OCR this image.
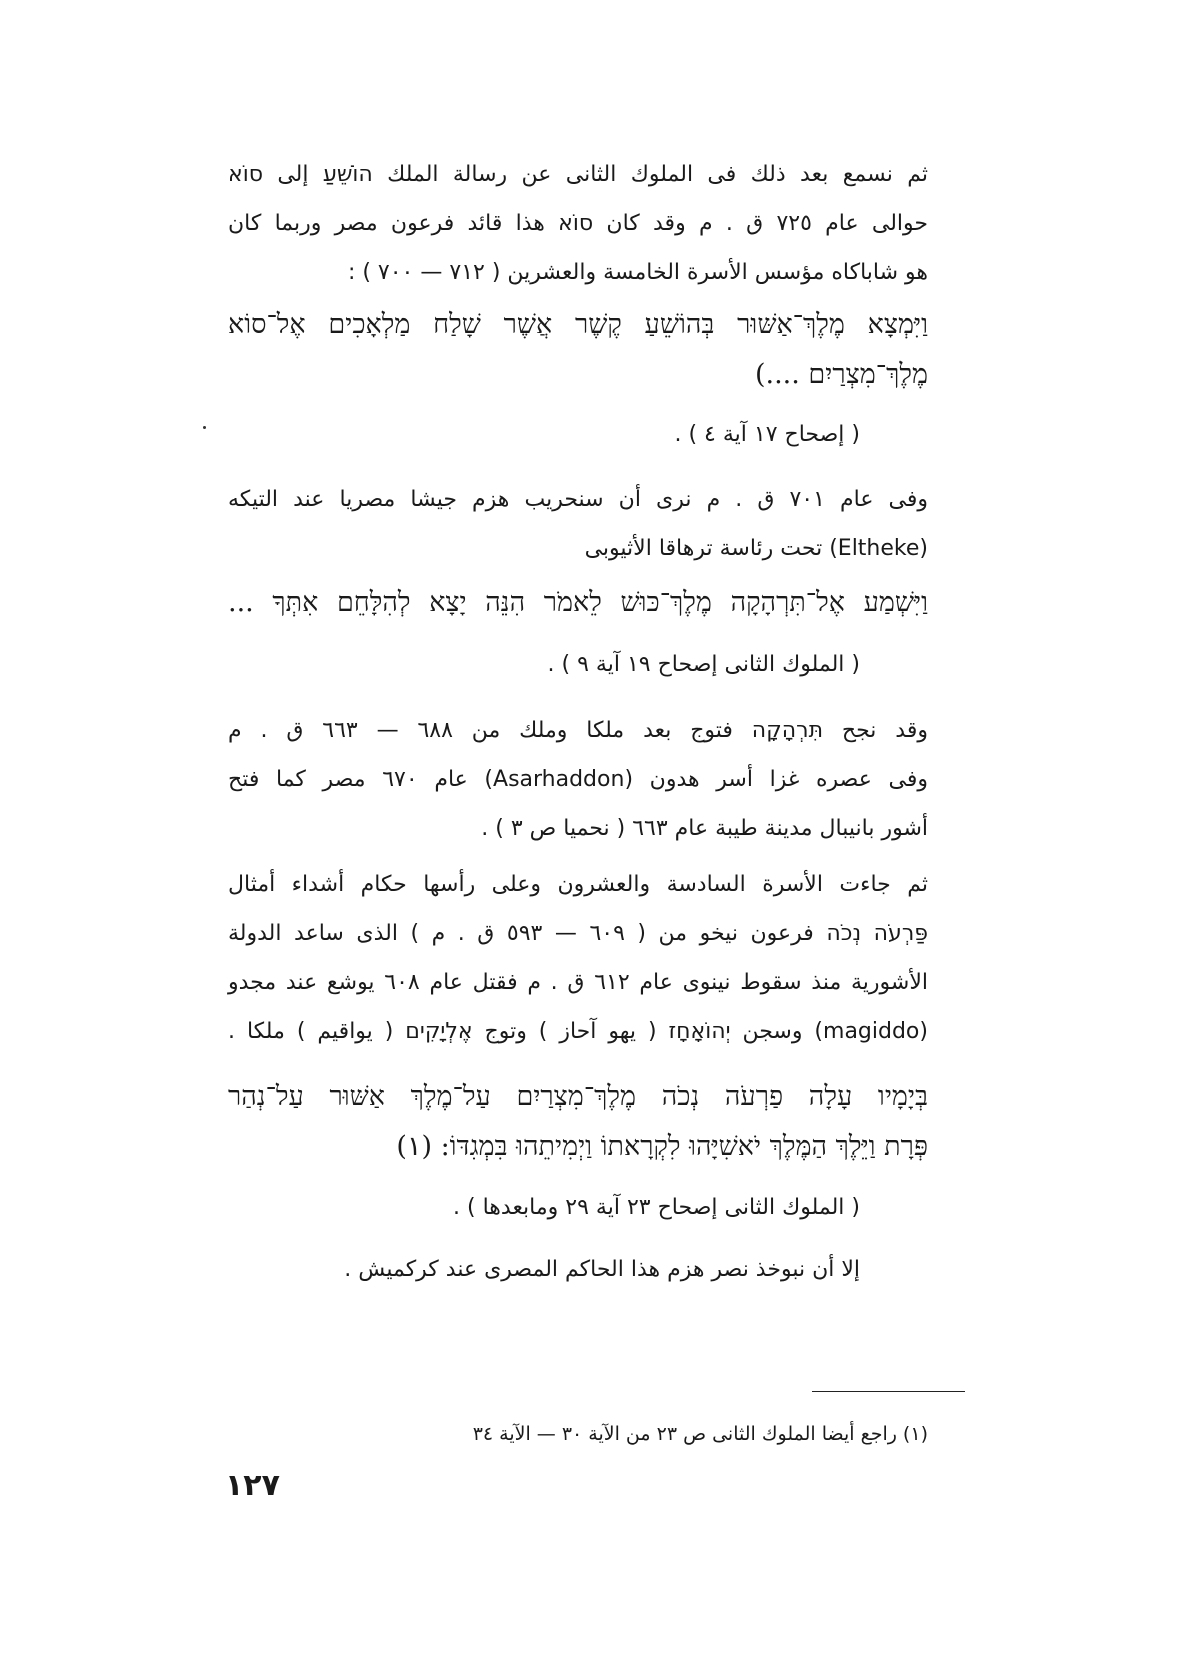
ثم نسمع بعد ذلك فى الملوك الثانى عن رسالة الملك הוֹשֵׁעַ إلى סוֹא
حوالى عام ٧٢٥ ق . م وقد كان סוֹא هذا قائد فرعون مصر وربما كان
هو شاباكاه مؤسس الأسرة الخامسة والعشرين ( ٧١٢ — ٧٠٠ ) :
וַיִּמְצָא מֶלֶךְ־אַשּׁוּר בְּהוֹשֵׁעַ קֶשֶׁר אֲשֶׁר שָׁלַח מַלְאָכִים אֶל־סוֹא
מֶלֶךְ־מִצְרַיִם ....)
( إصحاح ١٧ آية ٤ ) .
وفى عام ٧٠١ ق . م نرى أن سنحريب هزم جيشا مصريا عند التيكه
(Eltheke) تحت رئاسة ترهاقا الأثيوبى
וַיִּשְׁמַע אֶל־תִּרְהָקָה מֶלֶךְ־כּוּשׁ לֵאמֹר הִנֵּה יָצָא לְהִלָּחֵם אִתְּךָ ...
( الملوك الثانى إصحاح ١٩ آية ٩ ) .
وقد نجح תִּרְהָקָה فتوج بعد ملكا وملك من ٦٨٨ — ٦٦٣ ق . م
وفى عصره غزا أسر هدون (Asarhaddon) عام ٦٧٠ مصر كما فتح
أشور بانيبال مدينة طيبة عام ٦٦٣ ( نحميا ص ٣ ) .
ثم جاءت الأسرة السادسة والعشرون وعلى رأسها حكام أشداء أمثال
פַּרְעֹה נְכֹה فرعون نيخو من ( ٦٠٩ — ٥٩٣ ق . م ) الذى ساعد الدولة
الأشورية منذ سقوط نينوى عام ٦١٢ ق . م فقتل عام ٦٠٨ يوشع عند مجدو
(magiddo) وسجن יְהוֹאָחָז ( يهو آحاز ) وتوج אֶלְיָקִים ( يواقيم ) ملكا .
בְּיָמָיו עָלָה פַרְעֹה נְכֹה מֶלֶךְ־מִצְרַיִם עַל־מֶלֶךְ אַשּׁוּר עַל־נְהַר
פְּרָת וַיֵּלֶךְ הַמֶּלֶךְ יֹאשִׁיָּהוּ לִקְרָאתוֹ וַיְמִיתֵהוּ בִּמְגִדּוֹ: (١)
( الملوك الثانى إصحاح ٢٣ آية ٢٩ ومابعدها ) .
إلا أن نبوخذ نصر هزم هذا الحاكم المصرى عند كركميش .
(١) راجع أيضا الملوك الثانى ص ٢٣ من الآية ٣٠ — الآية ٣٤
١٢٧
